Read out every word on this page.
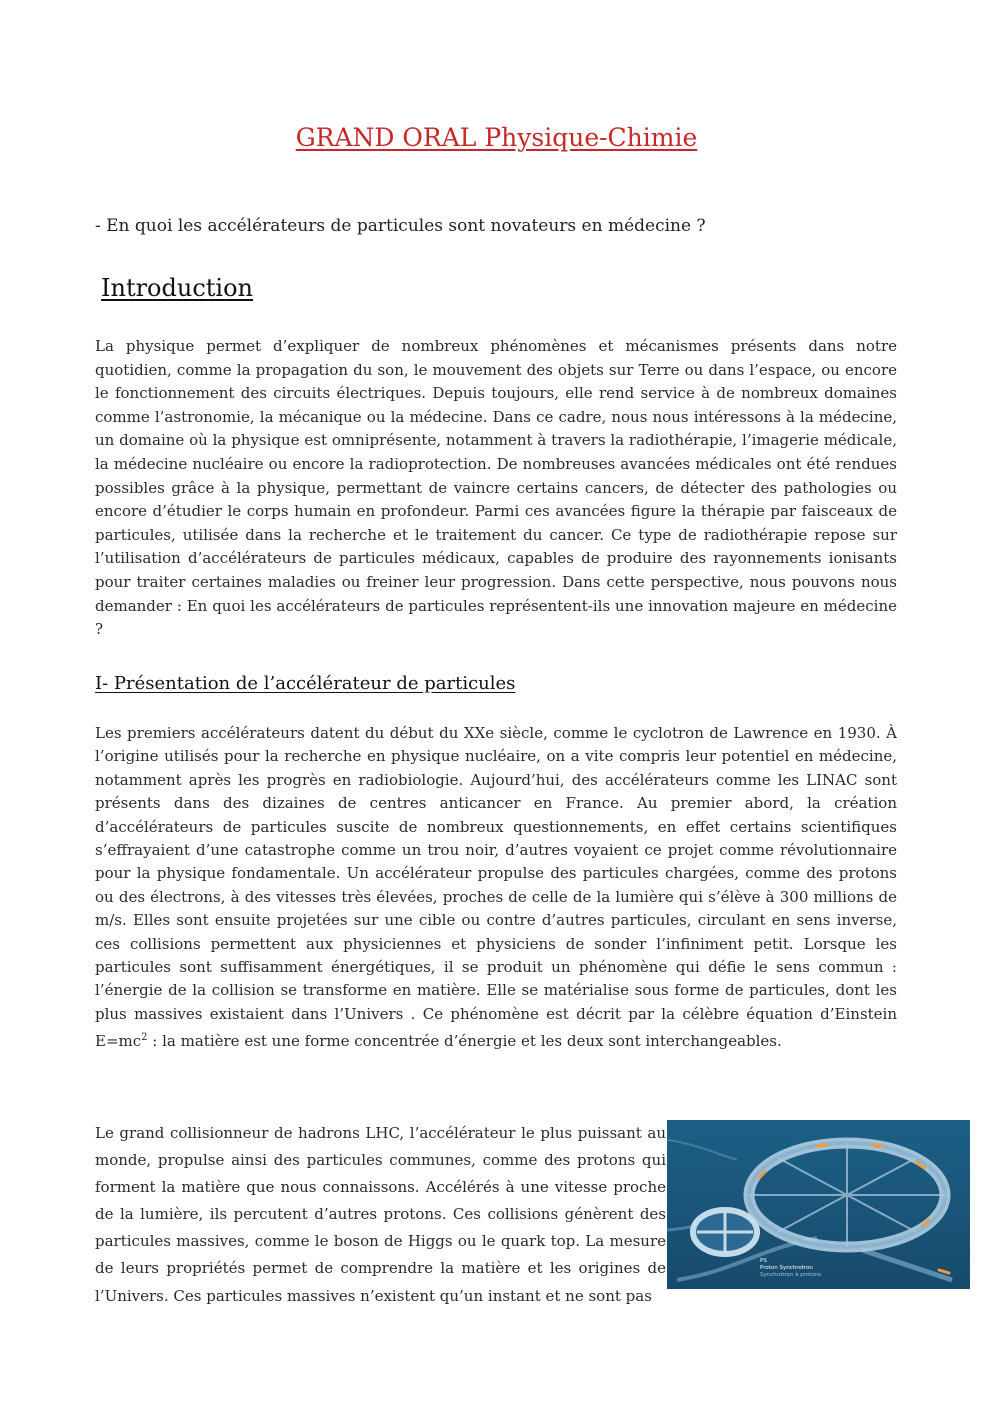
GRAND ORAL Physique-Chimie
- En quoi les accélérateurs de particules sont novateurs en médecine ?
Introduction

La physique permet d’expliquer de nombreux phénomènes et mécanismes présents dans notre quotidien, comme la propagation du son, le mouvement des objets sur Terre ou dans l’espace, ou encore le fonctionnement des circuits électriques. Depuis toujours, elle rend service à de nombreux domaines comme l’astronomie, la mécanique ou la médecine. Dans ce cadre, nous nous intéressons à la médecine, un domaine où la physique est omniprésente, notamment à travers la radiothérapie, l’imagerie médicale, la médecine nucléaire ou encore la radioprotection. De nombreuses avancées médicales ont été rendues possibles grâce à la physique, permettant de vaincre certains cancers, de détecter des pathologies ou encore d’étudier le corps humain en profondeur. Parmi ces avancées figure la thérapie par faisceaux de particules, utilisée dans la recherche et le traitement du cancer. Ce type de radiothérapie repose sur l’utilisation d’accélérateurs de particules médicaux, capables de produire des rayonnements ionisants pour traiter certaines maladies ou freiner leur progression. Dans cette perspective, nous pouvons nous demander : En quoi les accélérateurs de particules représentent-ils une innovation majeure en médecine ?

I- Présentation de l’accélérateur de particules

Les premiers accélérateurs datent du début du XXe siècle, comme le cyclotron de Lawrence en 1930. À l’origine utilisés pour la recherche en physique nucléaire, on a vite compris leur potentiel en médecine, notamment après les progrès en radiobiologie. Aujourd’hui, des accélérateurs comme les LINAC sont présents dans des dizaines de centres anticancer en France. Au premier abord, la création d’accélérateurs de particules suscite de nombreux questionnements, en effet certains scientifiques s’effrayaient d’une catastrophe comme un trou noir, d’autres voyaient ce projet comme révolutionnaire pour la physique fondamentale. Un accélérateur propulse des particules chargées, comme des protons ou des électrons, à des vitesses très élevées, proches de celle de la lumière qui s’élève à 300 millions de m/s. Elles sont ensuite projetées sur une cible ou contre d’autres particules, circulant en sens inverse, ces collisions permettent aux physiciennes et physiciens de sonder l’infiniment petit. Lorsque les particules sont suffisamment énergétiques, il se produit un phénomène qui défie le sens commun : l’énergie de la collision se transforme en matière. Elle se matérialise sous forme de particules, dont les plus massives existaient dans l’Univers . Ce phénomène est décrit par la célèbre équation d’Einstein $E=mc^2$ : la matière est une forme concentrée d’énergie et les deux sont interchangeables.

Le grand collisionneur de hadrons LHC, l’accélérateur le plus puissant au monde, propulse ainsi des particules communes, comme des protons qui forment la matière que nous connaissons. Accélérés à une vitesse proche de la lumière, ils percutent d’autres protons. Ces collisions génèrent des particules massives, comme le boson de Higgs ou le quark top. La mesure de leurs propriétés permet de comprendre la matière et les origines de l’Univers. Ces particules massives n’existent qu’un instant et ne sont pas

PS
Proton Synchrotron
Synchrotron à protons
